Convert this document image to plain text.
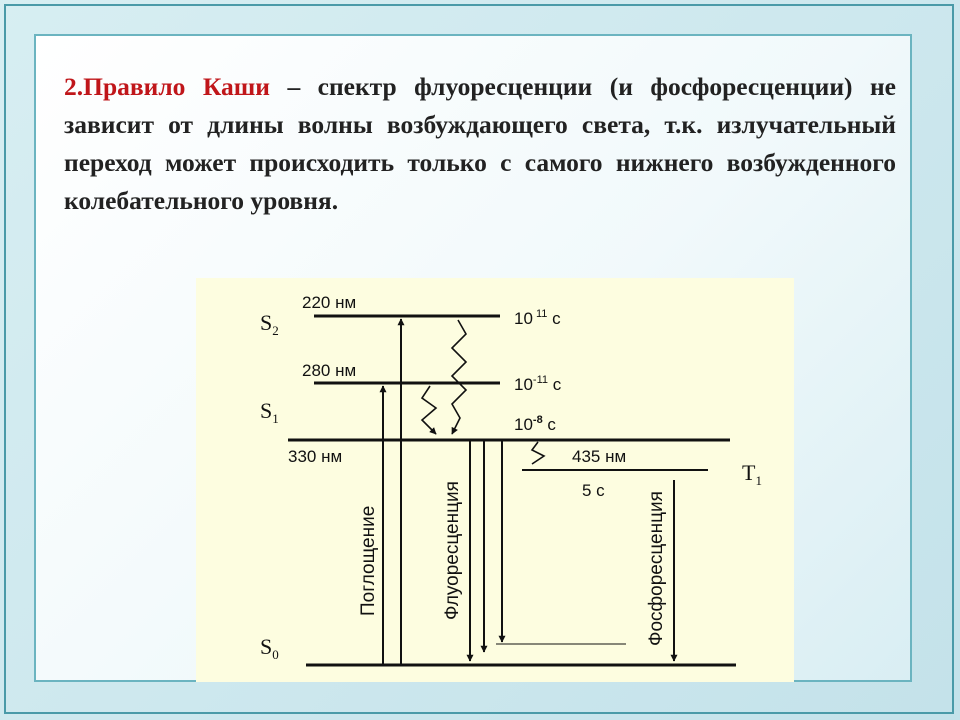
2.Правило Каши – спектр флуоресценции (и фосфоресценции) не зависит от длины волны возбуждающего света, т.к. излучательный переход может происходить только с самого нижнего возбужденного колебательного уровня.

$S_2$
$S_1$
$S_0$
$T_1$
220 нм
280 нм
330 нм	435 нм
10 $^{11}$ с
$10^{-11}$ с
$10^{-8}$ с
5 с
Поглощение	Флуоресценция	Фосфоресценция
